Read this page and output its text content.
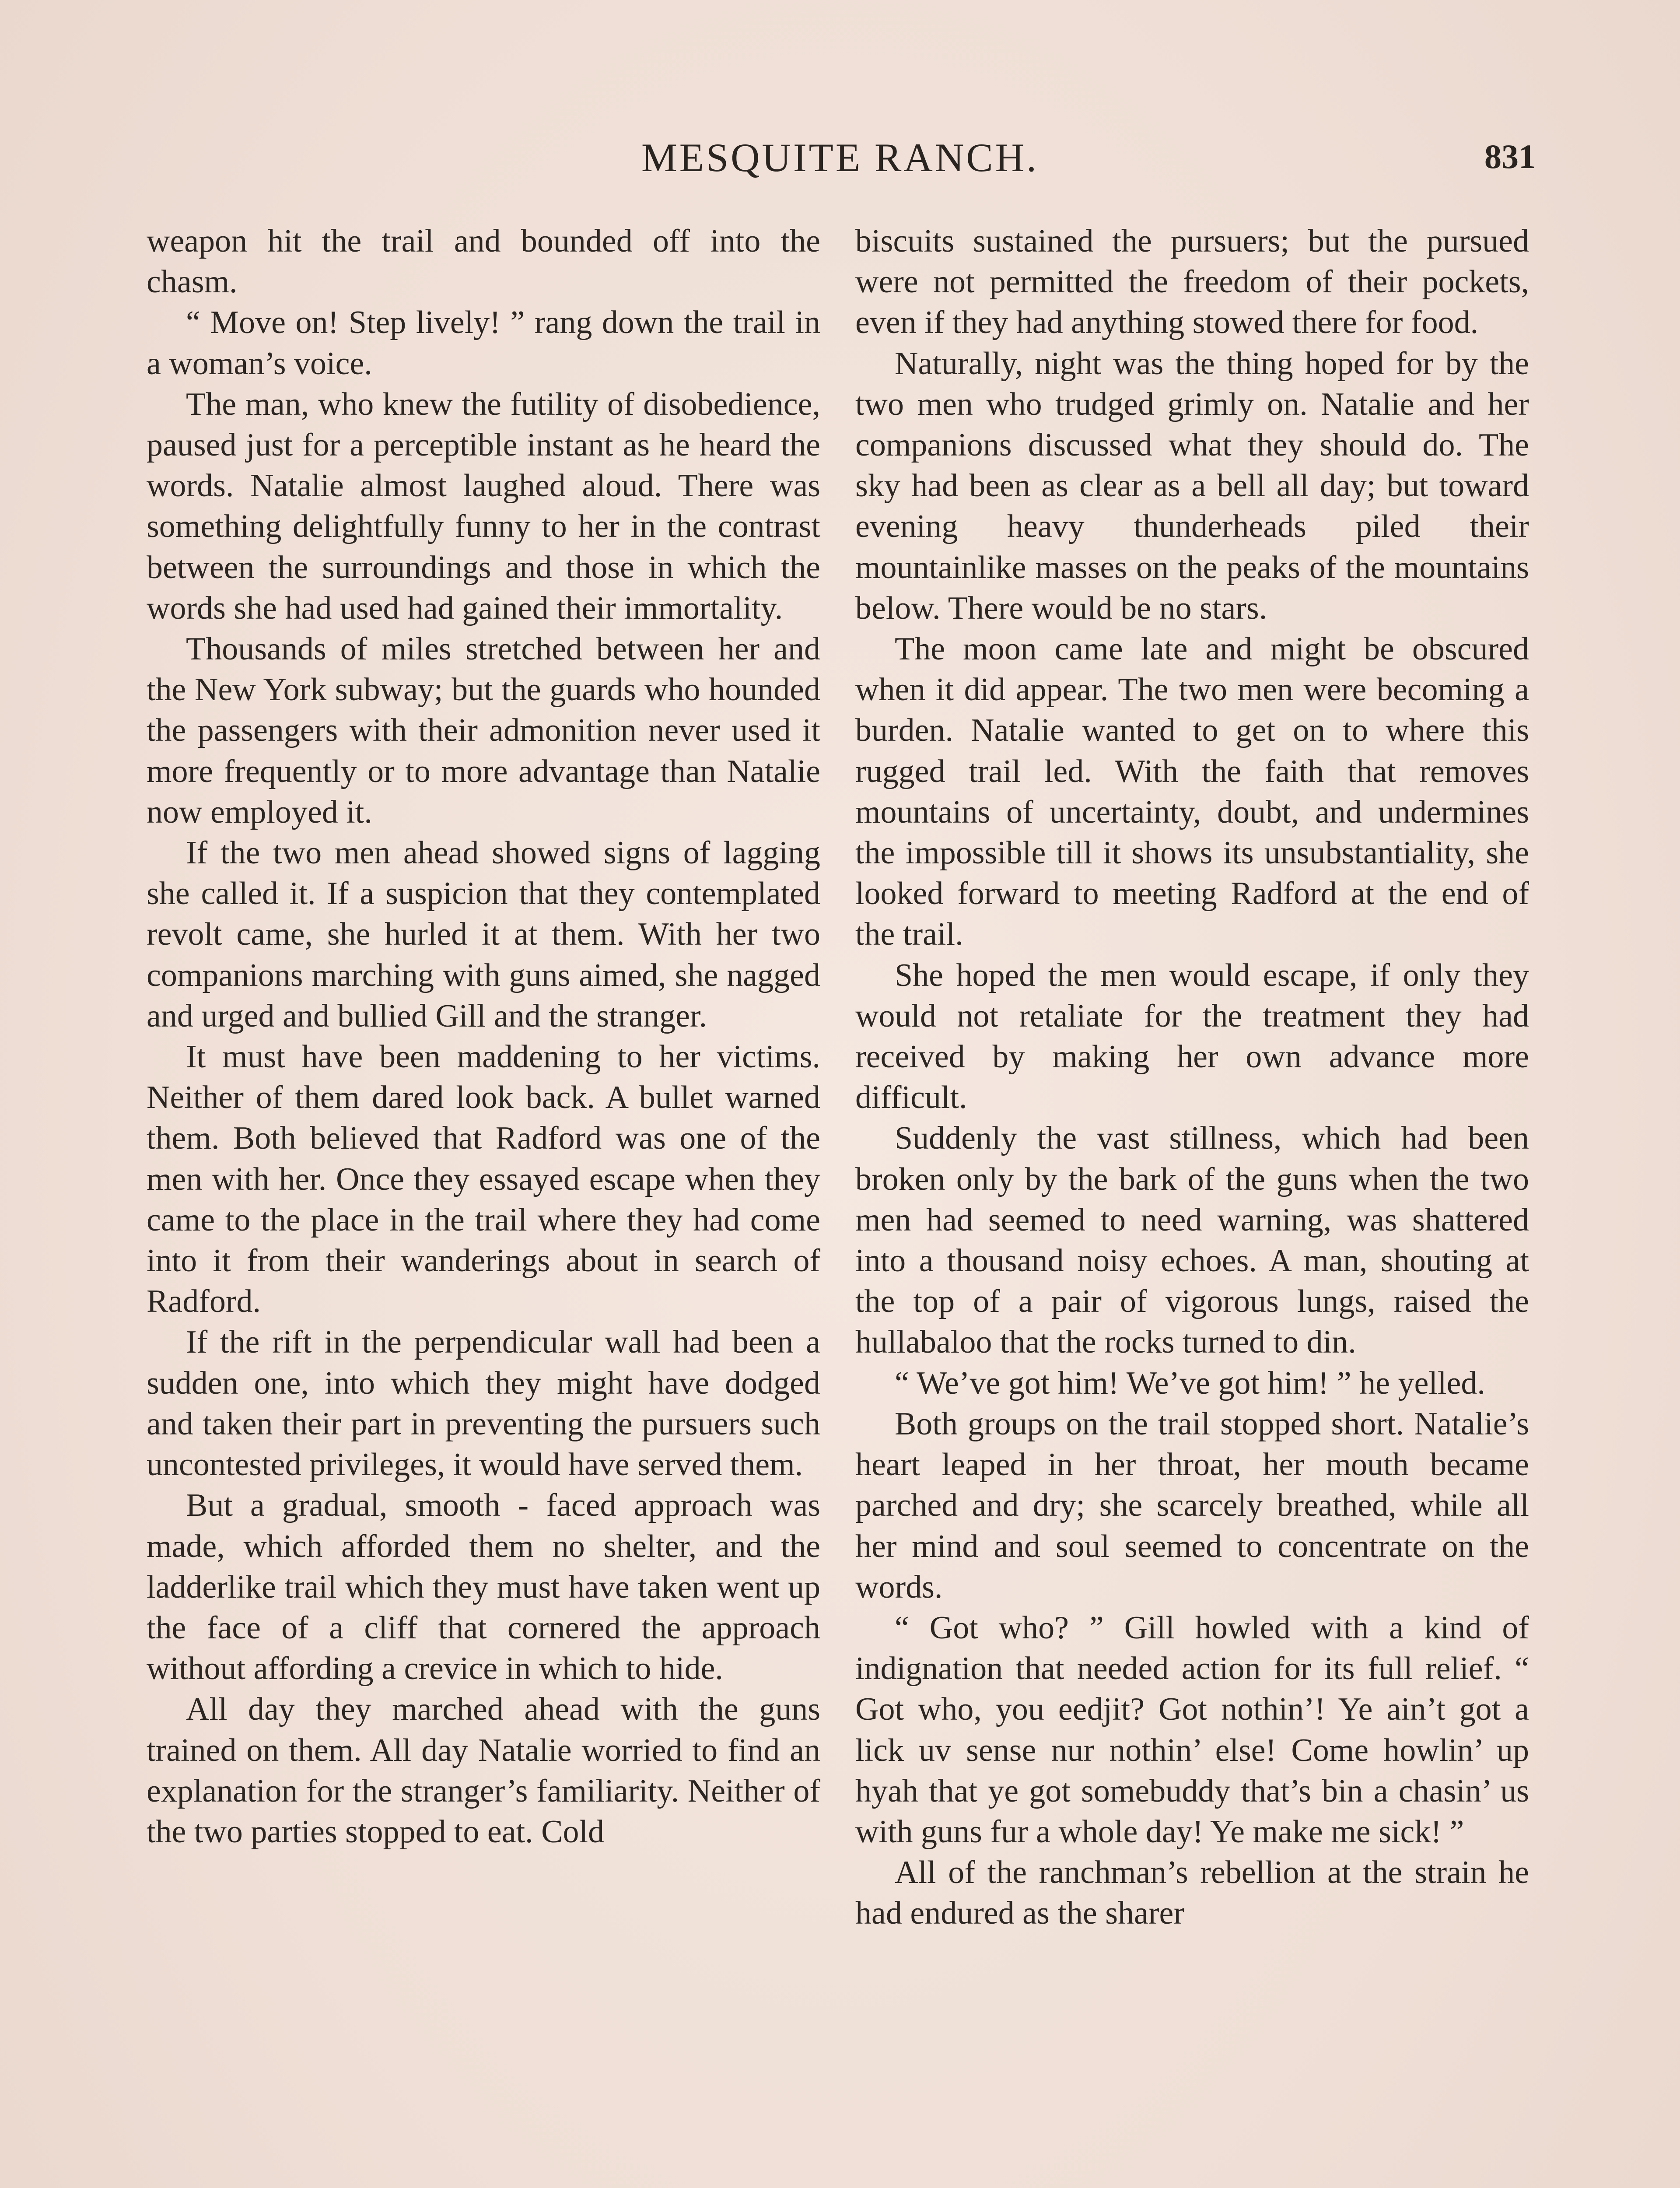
MESQUITE RANCH.	831

weapon hit the trail and bounded off into the chasm.

“ Move on! Step lively! ” rang down the trail in a woman’s voice.

The man, who knew the futility of disobedience, paused just for a perceptible instant as he heard the words. Natalie almost laughed aloud. There was something delightfully funny to her in the contrast between the surroundings and those in which the words she had used had gained their immortality.

Thousands of miles stretched between her and the New York subway; but the guards who hounded the passengers with their admonition never used it more frequently or to more advantage than Natalie now employed it.

If the two men ahead showed signs of lagging she called it. If a suspicion that they contemplated revolt came, she hurled it at them. With her two companions marching with guns aimed, she nagged and urged and bullied Gill and the stranger.

It must have been maddening to her victims. Neither of them dared look back. A bullet warned them. Both believed that Radford was one of the men with her. Once they essayed escape when they came to the place in the trail where they had come into it from their wanderings about in search of Radford.

If the rift in the perpendicular wall had been a sudden one, into which they might have dodged and taken their part in preventing the pursuers such uncontested privileges, it would have served them.

But a gradual, smooth - faced approach was made, which afforded them no shelter, and the ladderlike trail which they must have taken went up the face of a cliff that cornered the approach without affording a crevice in which to hide.

All day they marched ahead with the guns trained on them. All day Natalie worried to find an explanation for the stranger’s familiarity. Neither of the two parties stopped to eat. Cold

biscuits sustained the pursuers; but the pursued were not permitted the freedom of their pockets, even if they had anything stowed there for food.

Naturally, night was the thing hoped for by the two men who trudged grimly on. Natalie and her companions discussed what they should do. The sky had been as clear as a bell all day; but toward evening heavy thunderheads piled their mountainlike masses on the peaks of the mountains below. There would be no stars.

The moon came late and might be obscured when it did appear. The two men were becoming a burden. Natalie wanted to get on to where this rugged trail led. With the faith that removes mountains of uncertainty, doubt, and undermines the impossible till it shows its unsubstantiality, she looked forward to meeting Radford at the end of the trail.

She hoped the men would escape, if only they would not retaliate for the treatment they had received by making her own advance more difficult.

Suddenly the vast stillness, which had been broken only by the bark of the guns when the two men had seemed to need warning, was shattered into a thousand noisy echoes. A man, shouting at the top of a pair of vigorous lungs, raised the hullabaloo that the rocks turned to din.

“ We’ve got him! We’ve got him! ” he yelled.

Both groups on the trail stopped short. Natalie’s heart leaped in her throat, her mouth became parched and dry; she scarcely breathed, while all her mind and soul seemed to concentrate on the words.

“ Got who? ” Gill howled with a kind of indignation that needed action for its full relief. “ Got who, you eedjit? Got nothin’! Ye ain’t got a lick uv sense nur nothin’ else! Come howlin’ up hyah that ye got somebuddy that’s bin a chasin’ us with guns fur a whole day! Ye make me sick! ”

All of the ranchman’s rebellion at the strain he had endured as the sharer
